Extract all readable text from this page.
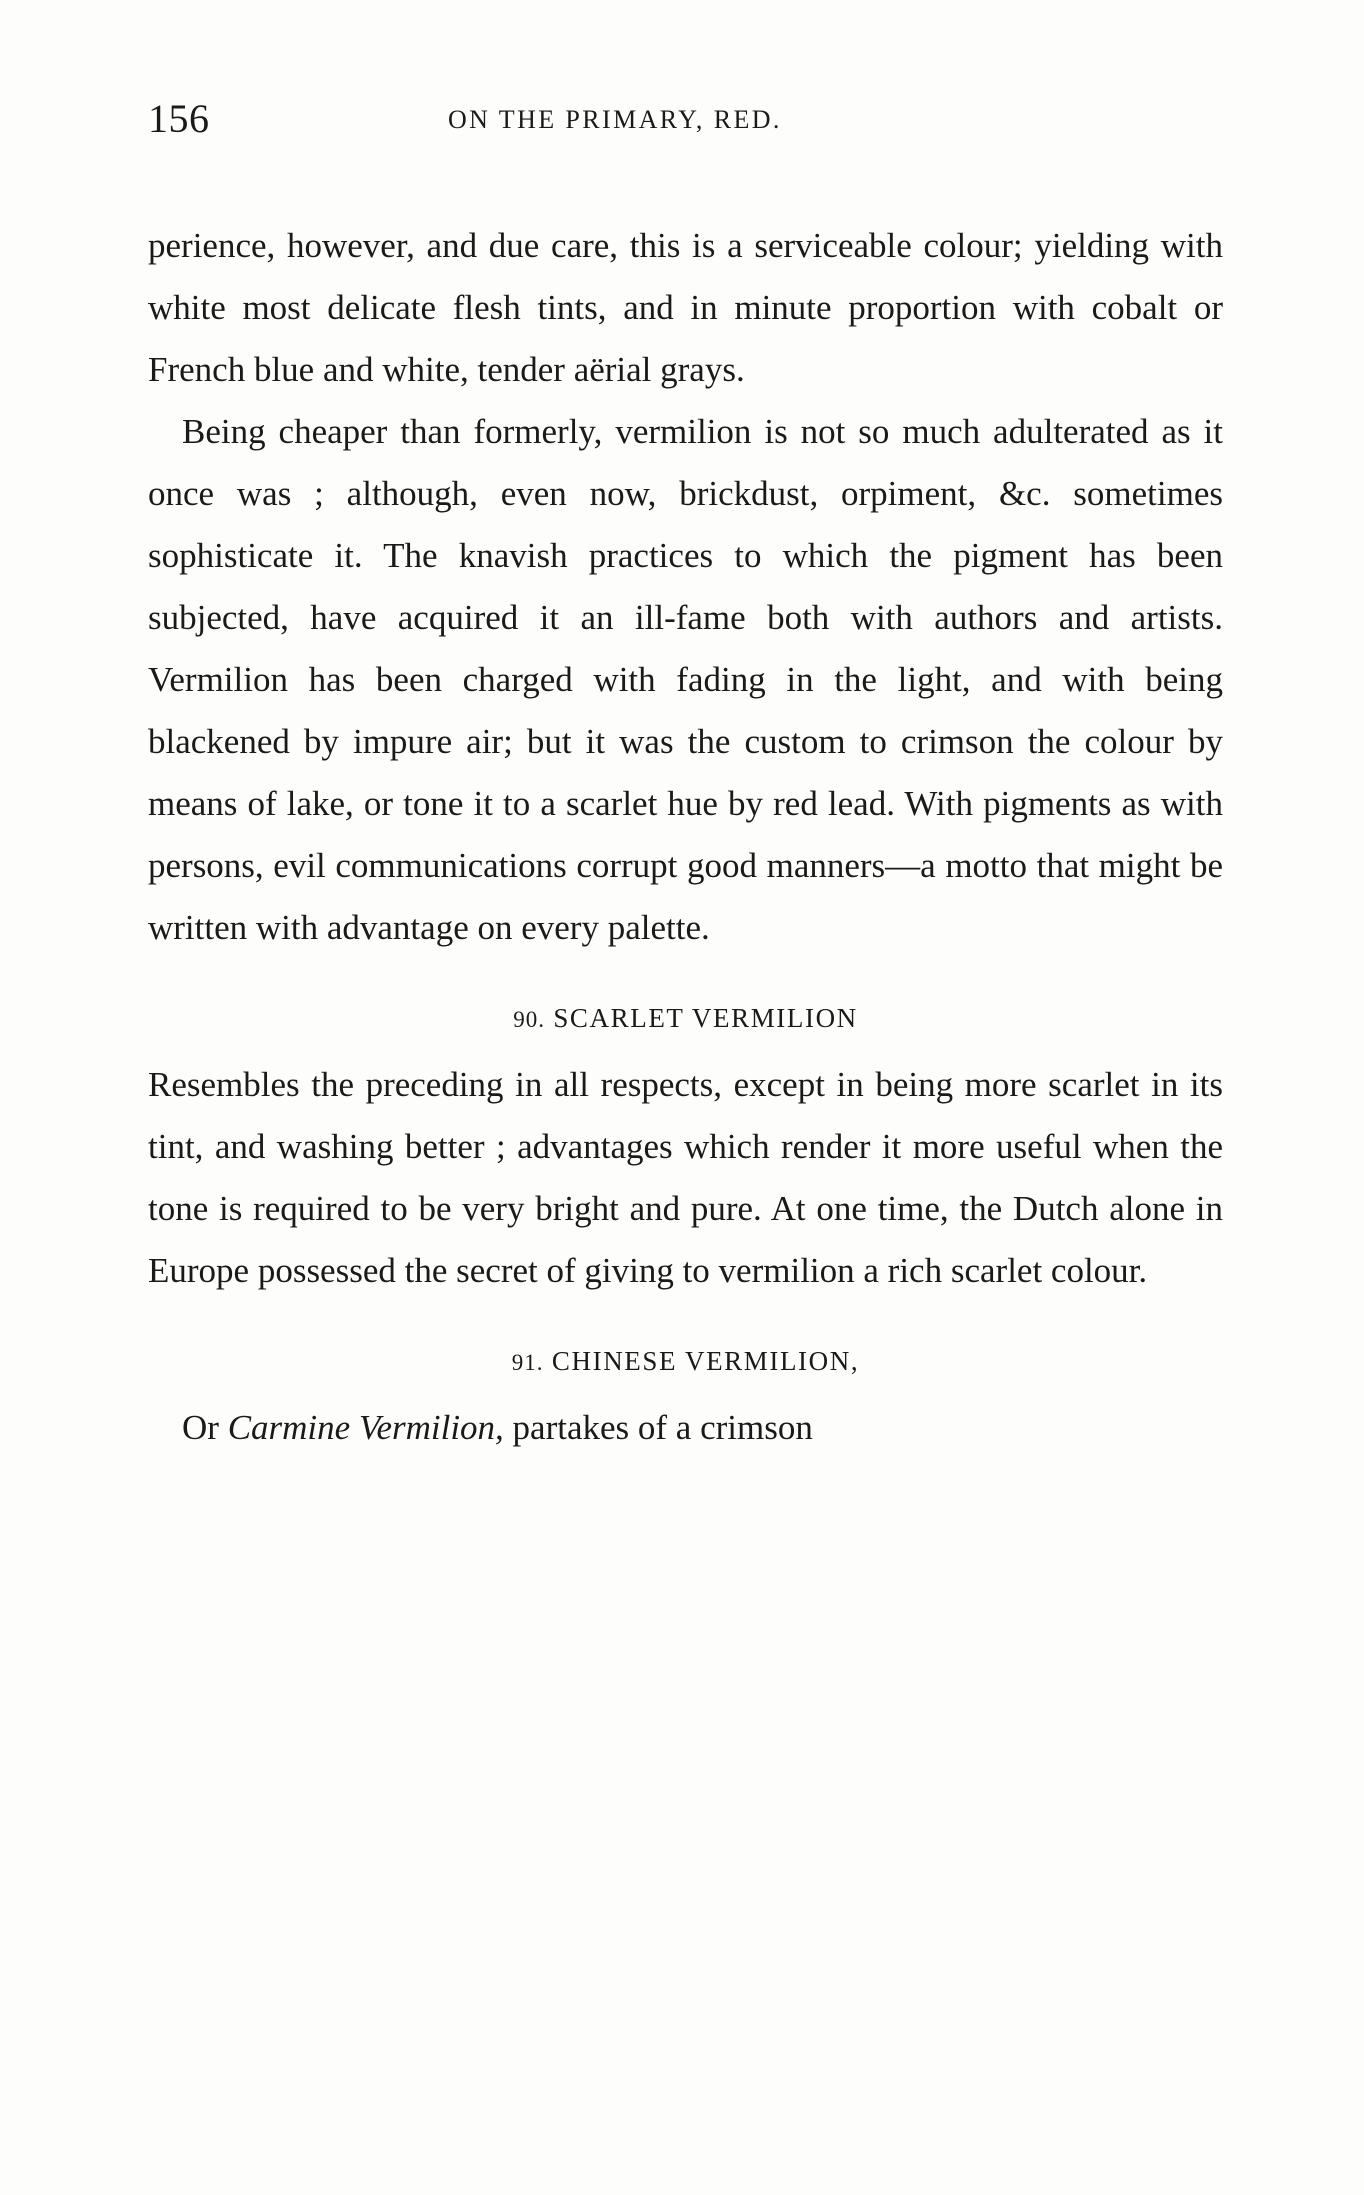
156	ON THE PRIMARY, RED.

perience, however, and due care, this is a serviceable colour; yielding with white most delicate flesh tints, and in minute proportion with cobalt or French blue and white, tender aërial grays.

Being cheaper than formerly, vermilion is not so much adulterated as it once was ; although, even now, brickdust, orpiment, &c. sometimes sophisticate it. The knavish practices to which the pigment has been subjected, have acquired it an ill-fame both with authors and artists. Vermilion has been charged with fading in the light, and with being blackened by impure air; but it was the custom to crimson the colour by means of lake, or tone it to a scarlet hue by red lead. With pigments as with persons, evil communications corrupt good manners—a motto that might be written with advantage on every palette.

90. SCARLET VERMILION

Resembles the preceding in all respects, except in being more scarlet in its tint, and washing better ; advantages which render it more useful when the tone is required to be very bright and pure. At one time, the Dutch alone in Europe possessed the secret of giving to vermilion a rich scarlet colour.

91. CHINESE VERMILION,

Or Carmine Vermilion, partakes of a crimson
